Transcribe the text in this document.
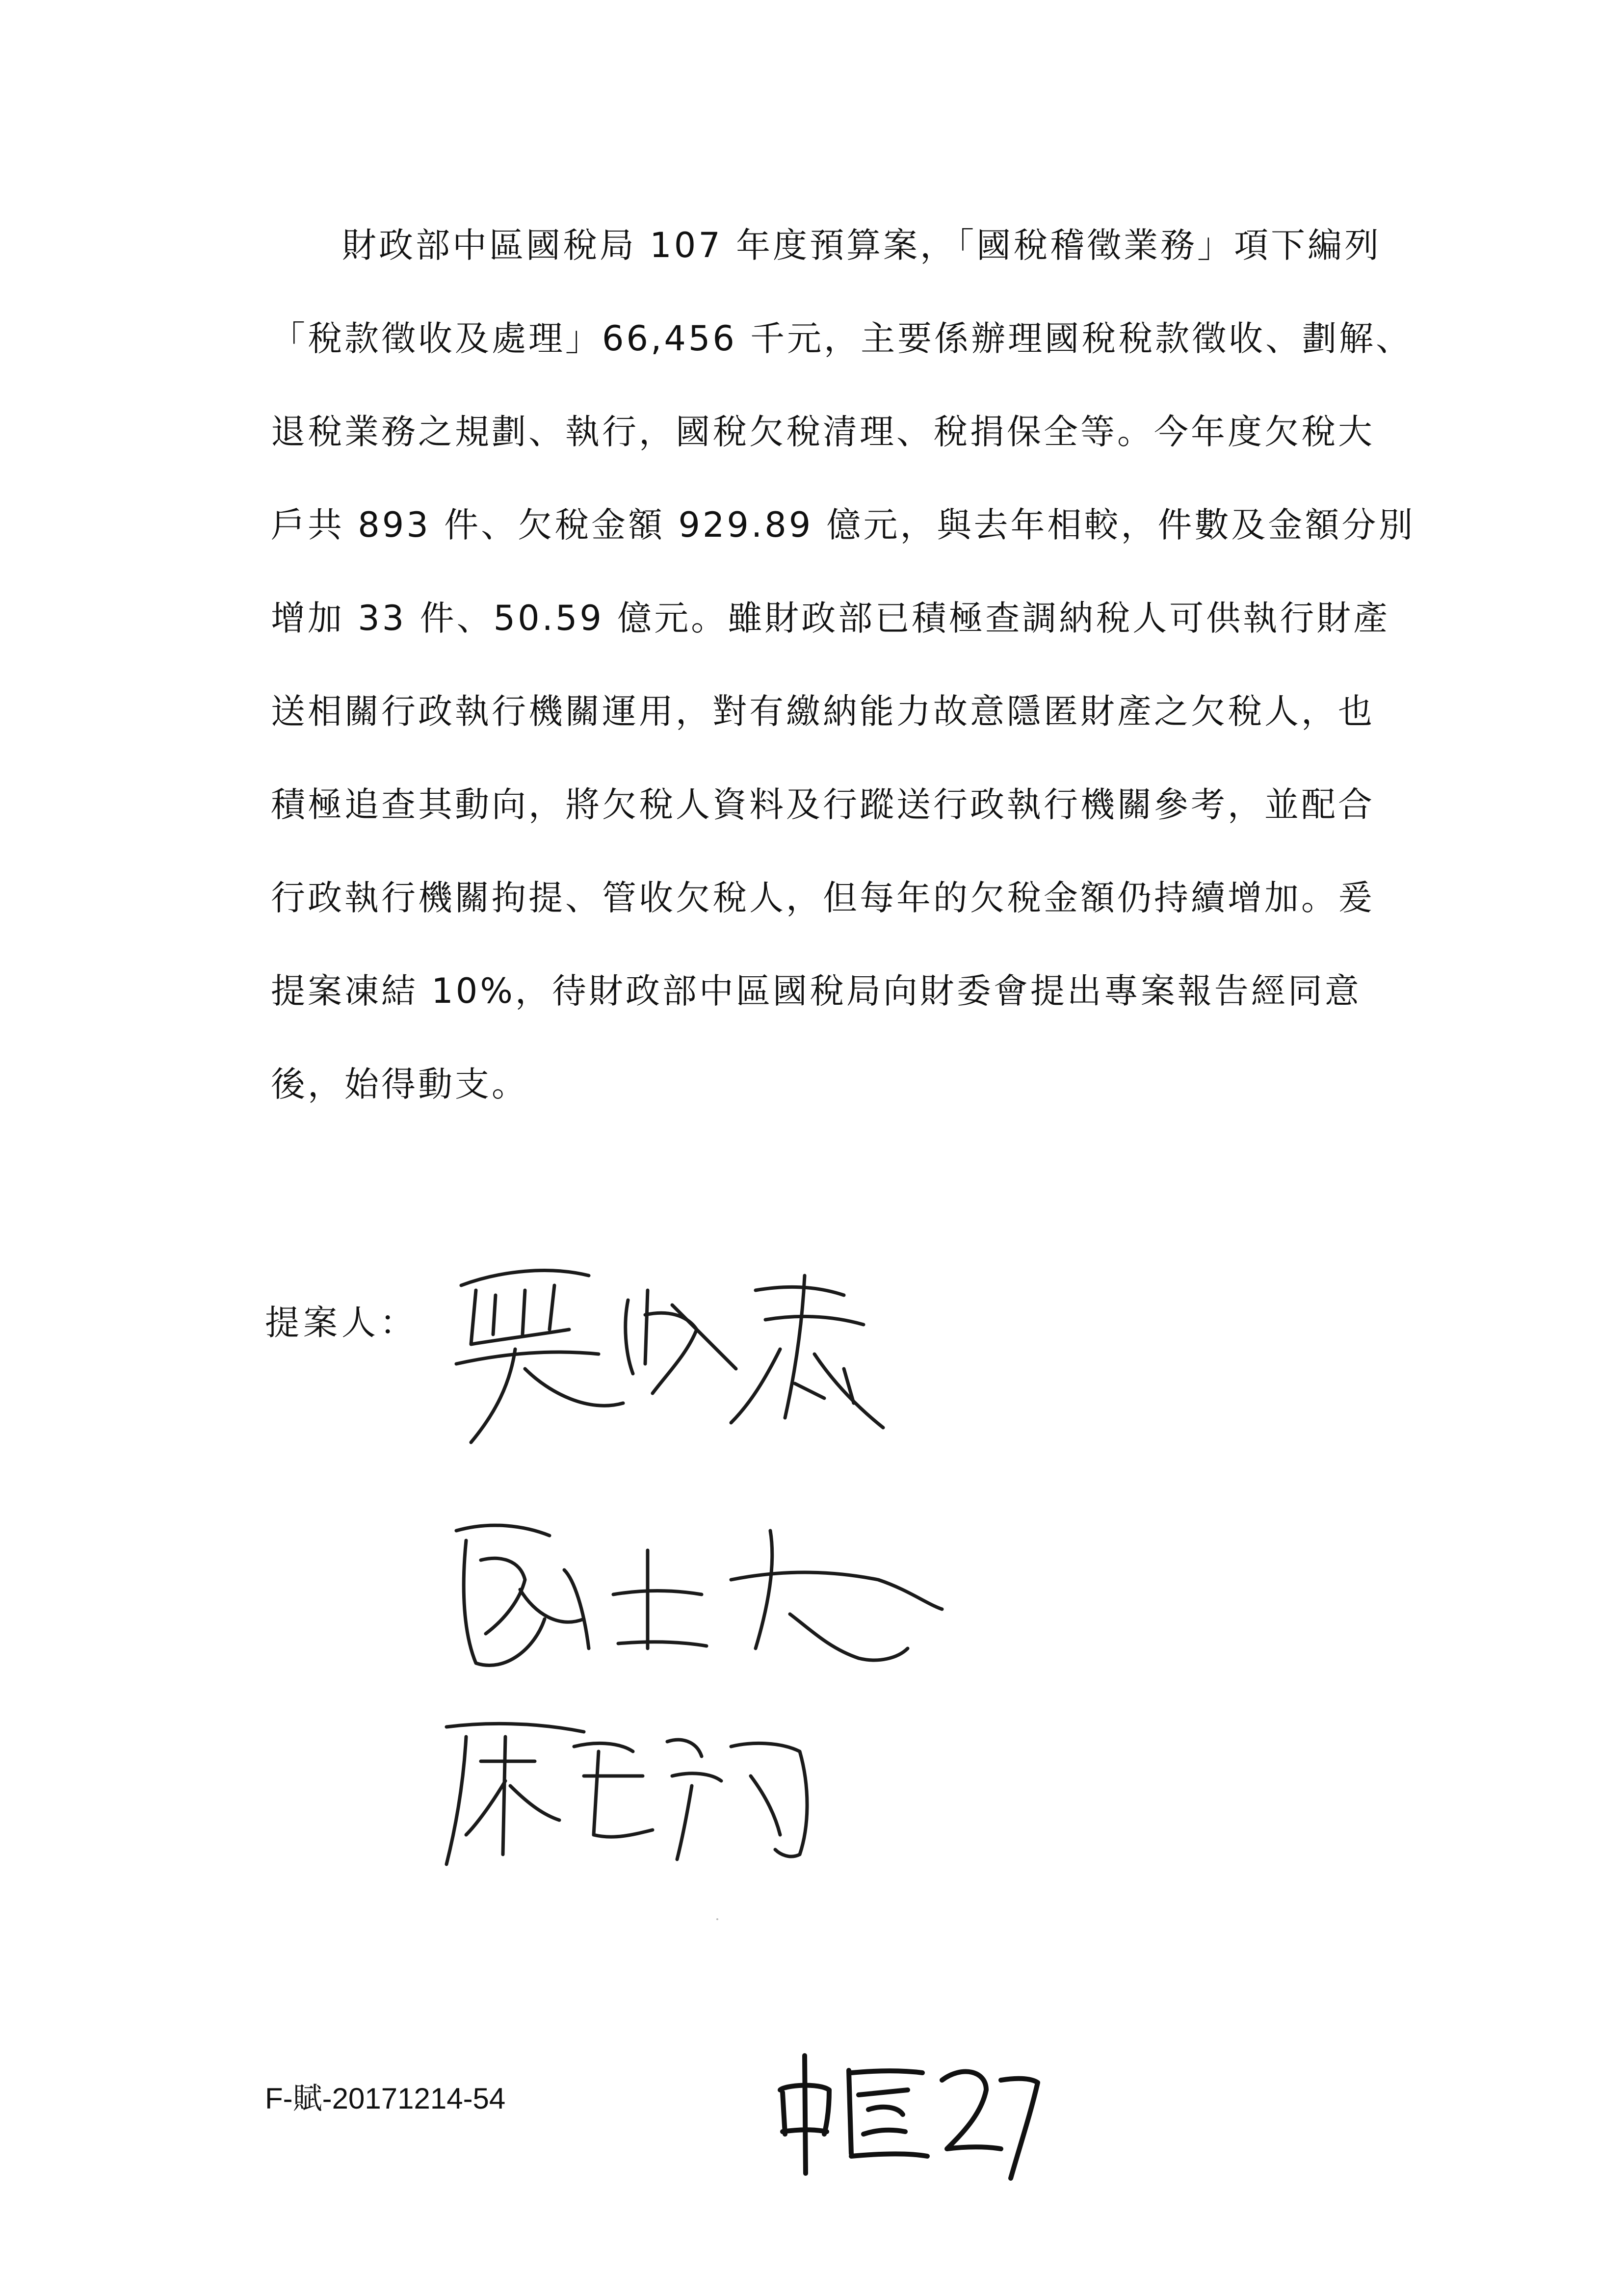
財政部中區國稅局 107 年度預算案，「國稅稽徵業務」項下編列
「稅款徵收及處理」66,456 千元，主要係辦理國稅稅款徵收、劃解、
退稅業務之規劃、執行，國稅欠稅清理、稅捐保全等。今年度欠稅大
戶共 893 件、欠稅金額 929.89 億元，與去年相較，件數及金額分別
增加 33 件、50.59 億元。雖財政部已積極查調納稅人可供執行財產
送相關行政執行機關運用，對有繳納能力故意隱匿財產之欠稅人，也
積極追查其動向，將欠稅人資料及行蹤送行政執行機關參考，並配合
行政執行機關拘提、管收欠稅人，但每年的欠稅金額仍持續增加。爰
提案凍結 10%，待財政部中區國稅局向財委會提出專案報告經同意
後，始得動支。
提案人：
F-賦-20171214-54
